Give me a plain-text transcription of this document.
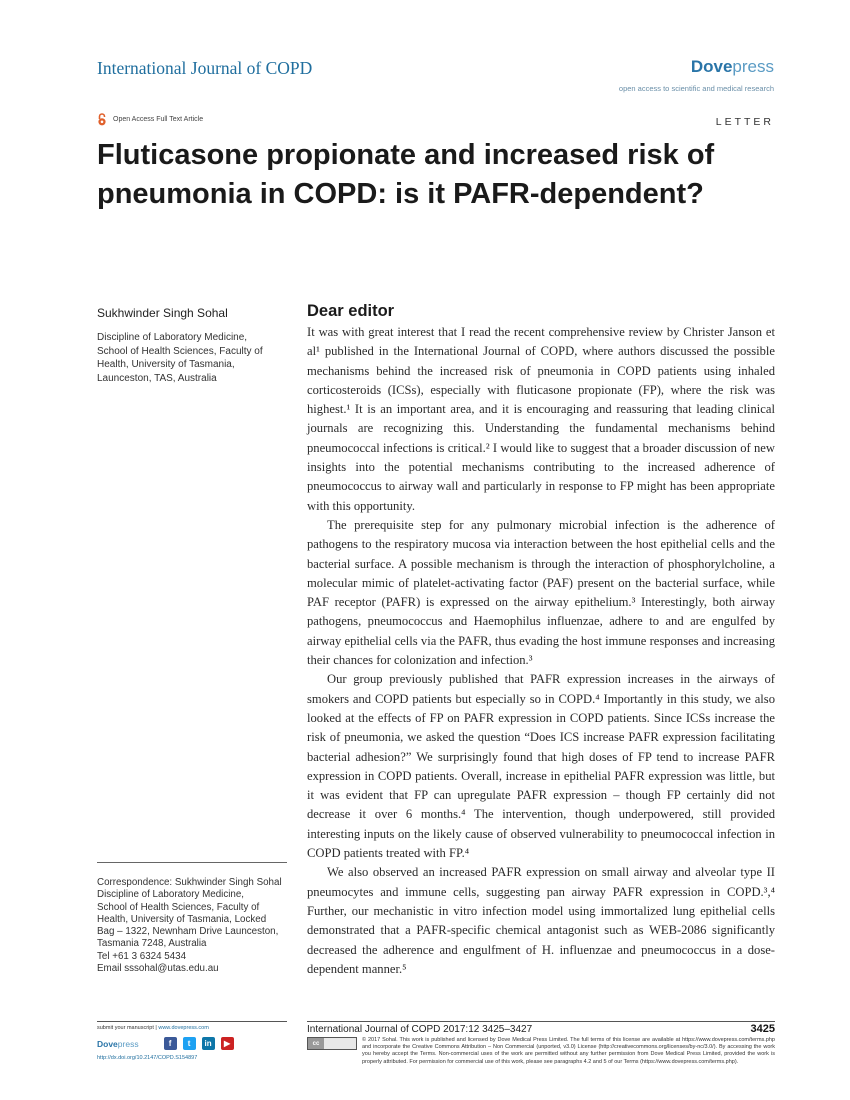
International Journal of COPD	Dovepress
open access to scientific and medical research
Open Access Full Text Article	LETTER
Fluticasone propionate and increased risk of pneumonia in COPD: is it PAFR-dependent?
Sukhwinder Singh Sohal
Discipline of Laboratory Medicine, School of Health Sciences, Faculty of Health, University of Tasmania, Launceston, TAS, Australia
Correspondence: Sukhwinder Singh Sohal
Discipline of Laboratory Medicine,
School of Health Sciences, Faculty of
Health, University of Tasmania, Locked
Bag – 1322, Newnham Drive Launceston,
Tasmania 7248, Australia
Tel +61 3 6324 5434
Email sssohal@utas.edu.au
Dear editor

It was with great interest that I read the recent comprehensive review by Christer Janson et al¹ published in the International Journal of COPD, where authors discussed the possible mechanisms behind the increased risk of pneumonia in COPD patients using inhaled corticosteroids (ICSs), especially with fluticasone propionate (FP), where the risk was highest.¹ It is an important area, and it is encouraging and reassuring that leading clinical journals are recognizing this. Understanding the fundamental mechanisms behind pneumococcal infections is critical.² I would like to suggest that a broader discussion of new insights into the potential mechanisms contributing to the increased adherence of pneumococcus to airway wall and particularly in response to FP might has been appropriate with this opportunity.

The prerequisite step for any pulmonary microbial infection is the adherence of pathogens to the respiratory mucosa via interaction between the host epithelial cells and the bacterial surface. A possible mechanism is through the interaction of phosphorylcholine, a molecular mimic of platelet-activating factor (PAF) present on the bacterial surface, while PAF receptor (PAFR) is expressed on the airway epithelium.³ Interestingly, both airway pathogens, pneumococcus and Haemophilus influenzae, adhere to and are engulfed by airway epithelial cells via the PAFR, thus evading the host immune responses and increasing their chances for colonization and infection.³

Our group previously published that PAFR expression increases in the airways of smokers and COPD patients but especially so in COPD.⁴ Importantly in this study, we also looked at the effects of FP on PAFR expression in COPD patients. Since ICSs increase the risk of pneumonia, we asked the question “Does ICS increase PAFR expression facilitating bacterial adhesion?” We surprisingly found that high doses of FP tend to increase PAFR expression in COPD patients. Overall, increase in epithelial PAFR expression was little, but it was evident that FP can upregulate PAFR expression – though FP certainly did not decrease it over 6 months.⁴ The intervention, though underpowered, still provided interesting inputs on the likely cause of observed vulnerability to pneumococcal infection in COPD patients treated with FP.⁴

We also observed an increased PAFR expression on small airway and alveolar type II pneumocytes and immune cells, suggesting pan airway PAFR expression in COPD.³,⁴ Further, our mechanistic in vitro infection model using immortalized lung epithelial cells demonstrated that a PAFR-specific chemical antagonist such as WEB-2086 significantly decreased the adherence and engulfment of H. influenzae and pneumococcus in a dose-dependent manner.⁵

submit your manuscript | www.dovepress.com
Dovepress	f	t	in	▶
http://dx.doi.org/10.2147/COPD.S154897
International Journal of COPD 2017:12 3425–3427	3425
cc
© 2017 Sohal. This work is published and licensed by Dove Medical Press Limited. The full terms of this license are available at https://www.dovepress.com/terms.php and incorporate the Creative Commons Attribution – Non Commercial (unported, v3.0) License (http://creativecommons.org/licenses/by-nc/3.0/). By accessing the work you hereby accept the Terms. Non-commercial uses of the work are permitted without any further permission from Dove Medical Press Limited, provided the work is properly attributed. For permission for commercial use of this work, please see paragraphs 4.2 and 5 of our Terms (https://www.dovepress.com/terms.php).
